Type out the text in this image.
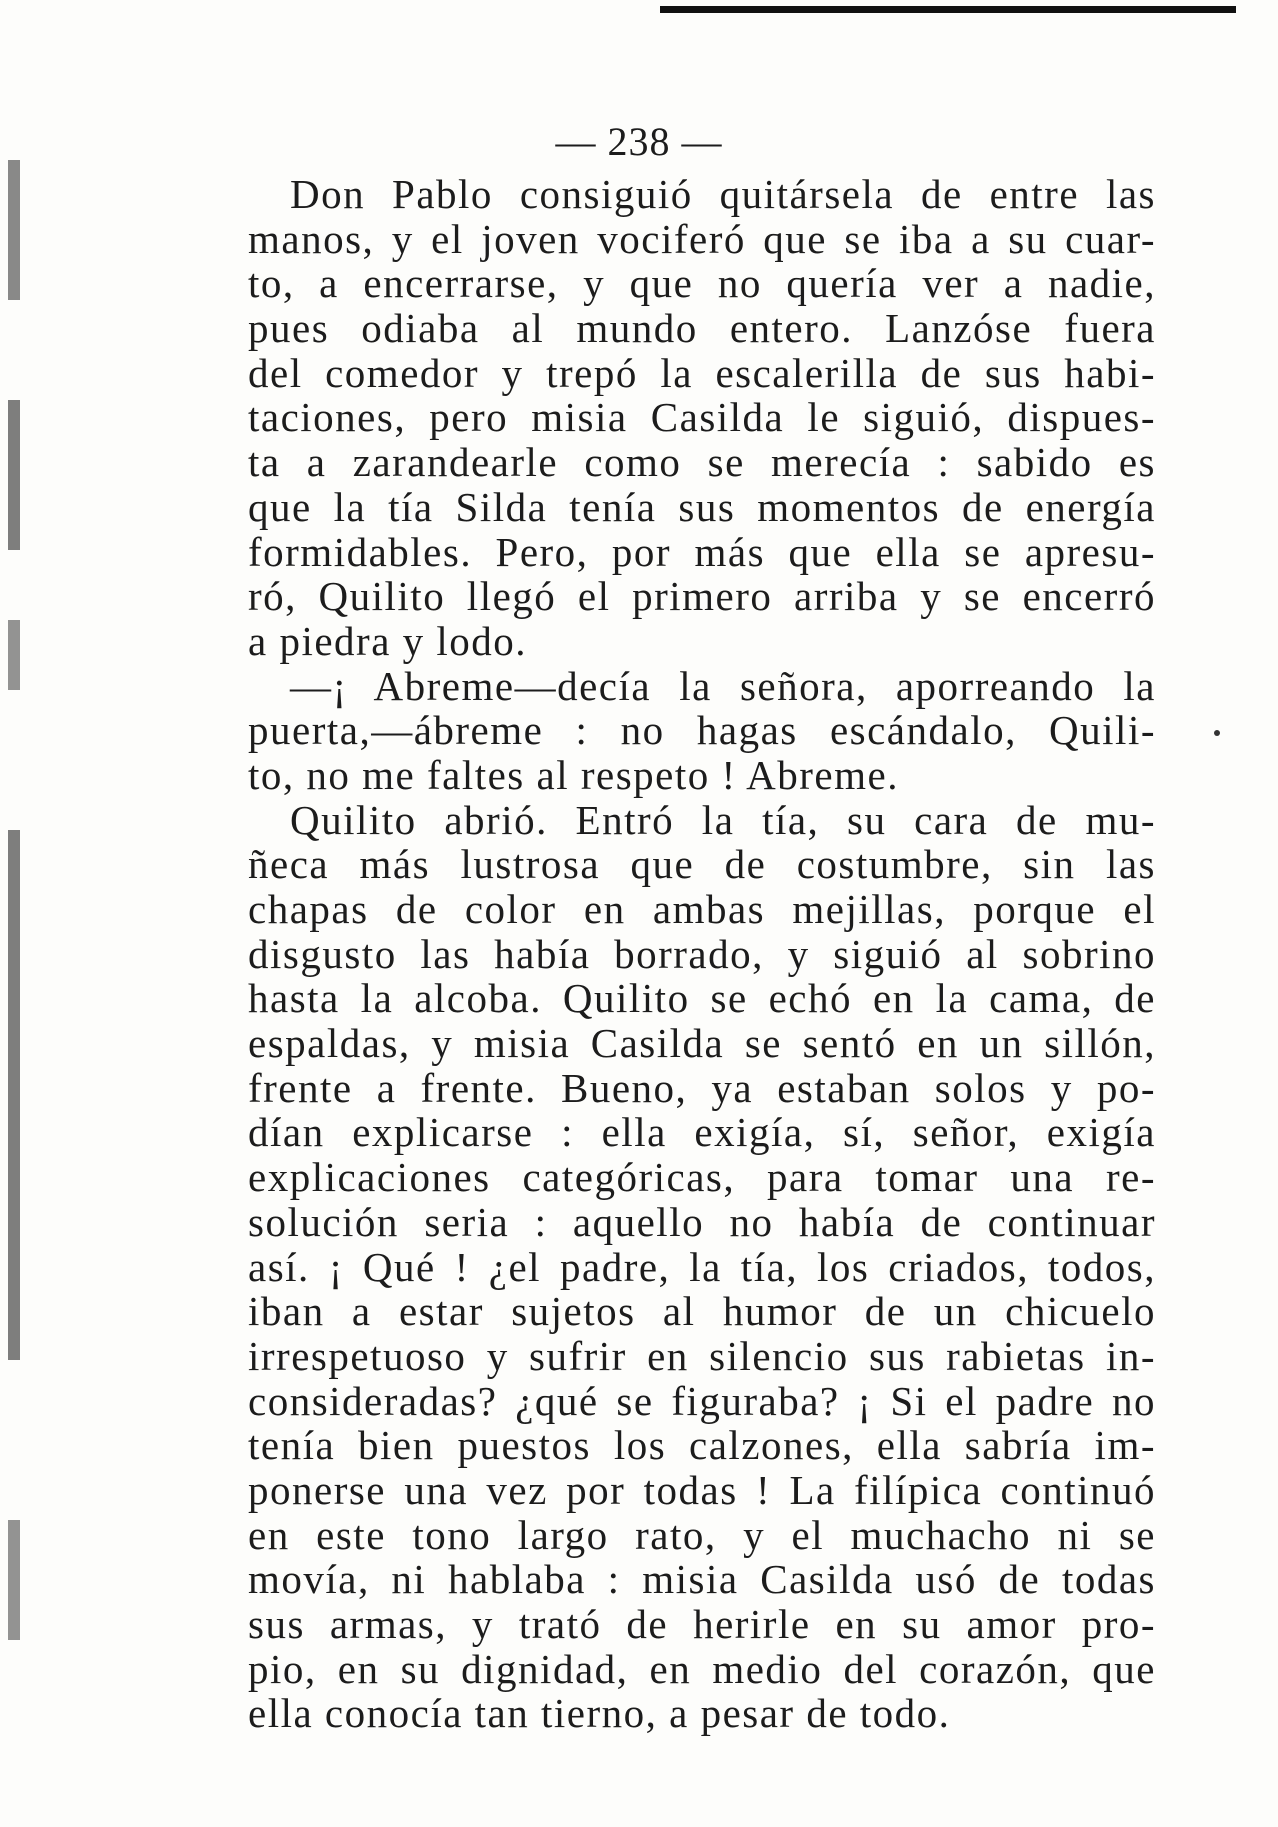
— 238 —
Don Pablo consiguió quitársela de entre las
manos, y el joven vociferó que se iba a su cuar-
to, a encerrarse, y que no quería ver a nadie,
pues odiaba al mundo entero. Lanzóse fuera
del comedor y trepó la escalerilla de sus habi-
taciones, pero misia Casilda le siguió, dispues-
ta a zarandearle como se merecía : sabido es
que la tía Silda tenía sus momentos de energía
formidables. Pero, por más que ella se apresu-
ró, Quilito llegó el primero arriba y se encerró
a piedra y lodo.
—¡ Abreme—decía la señora, aporreando la
puerta,—ábreme : no hagas escándalo, Quili-
to, no me faltes al respeto ! Abreme.
Quilito abrió. Entró la tía, su cara de mu-
ñeca más lustrosa que de costumbre, sin las
chapas de color en ambas mejillas, porque el
disgusto las había borrado, y siguió al sobrino
hasta la alcoba. Quilito se echó en la cama, de
espaldas, y misia Casilda se sentó en un sillón,
frente a frente. Bueno, ya estaban solos y po-
dían explicarse : ella exigía, sí, señor, exigía
explicaciones categóricas, para tomar una re-
solución seria : aquello no había de continuar
así. ¡ Qué ! ¿el padre, la tía, los criados, todos,
iban a estar sujetos al humor de un chicuelo
irrespetuoso y sufrir en silencio sus rabietas in-
consideradas? ¿qué se figuraba? ¡ Si el padre no
tenía bien puestos los calzones, ella sabría im-
ponerse una vez por todas ! La filípica continuó
en este tono largo rato, y el muchacho ni se
movía, ni hablaba : misia Casilda usó de todas
sus armas, y trató de herirle en su amor pro-
pio, en su dignidad, en medio del corazón, que
ella conocía tan tierno, a pesar de todo.
